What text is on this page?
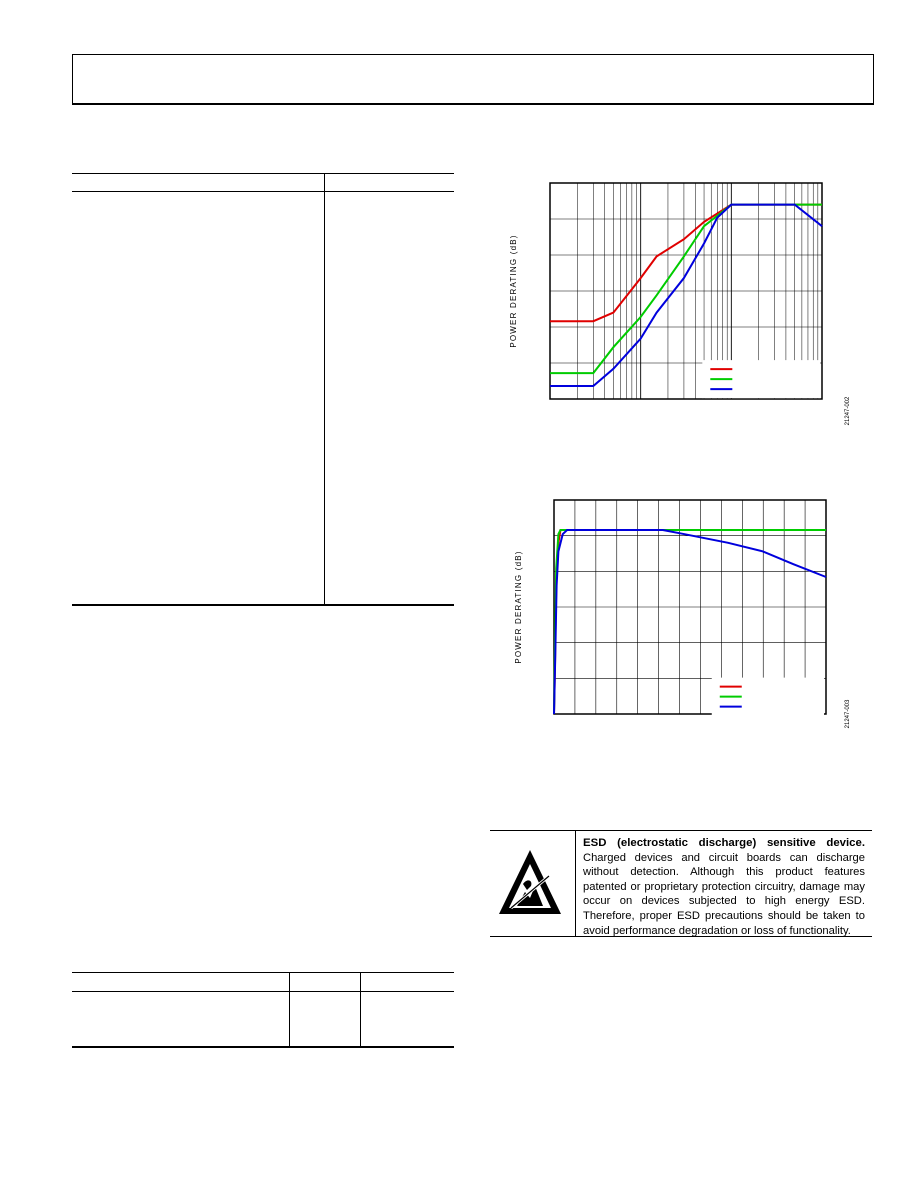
POWER DERATING (dB)
21247-002
POWER DERATING (dB)
21247-003
ESD (electrostatic discharge) sensitive device. Charged devices and circuit boards can discharge without detection. Although this product features patented or proprietary protection circuitry, damage may occur on devices subjected to high energy ESD. Therefore, proper ESD precautions should be taken to avoid performance degradation or loss of functionality.
